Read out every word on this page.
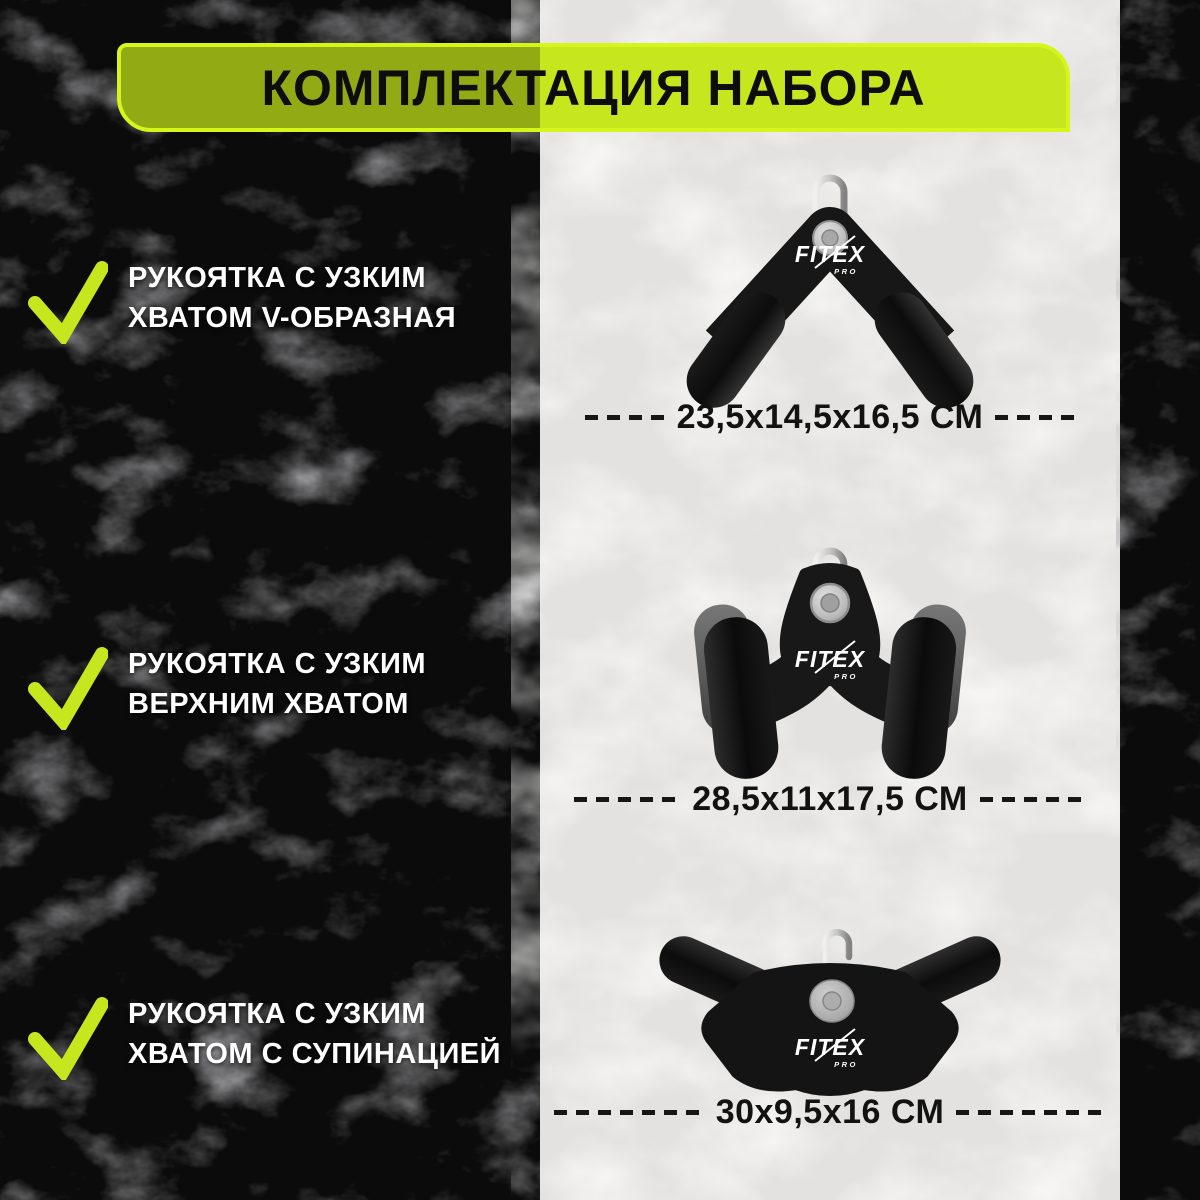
КОМПЛЕКТАЦИЯ НАБОРА
РУКОЯТКА С УЗКИМ
ХВАТОМ V-ОБРАЗНАЯ
РУКОЯТКА С УЗКИМ
ВЕРХНИМ ХВАТОМ
РУКОЯТКА С УЗКИМ
ХВАТОМ С СУПИНАЦИЕЙ
FITEX
PRO
23,5x14,5x16,5 СМ
FITEX
PRO
28,5x11x17,5 СМ
FITEX
PRO
30x9,5x16 СМ
